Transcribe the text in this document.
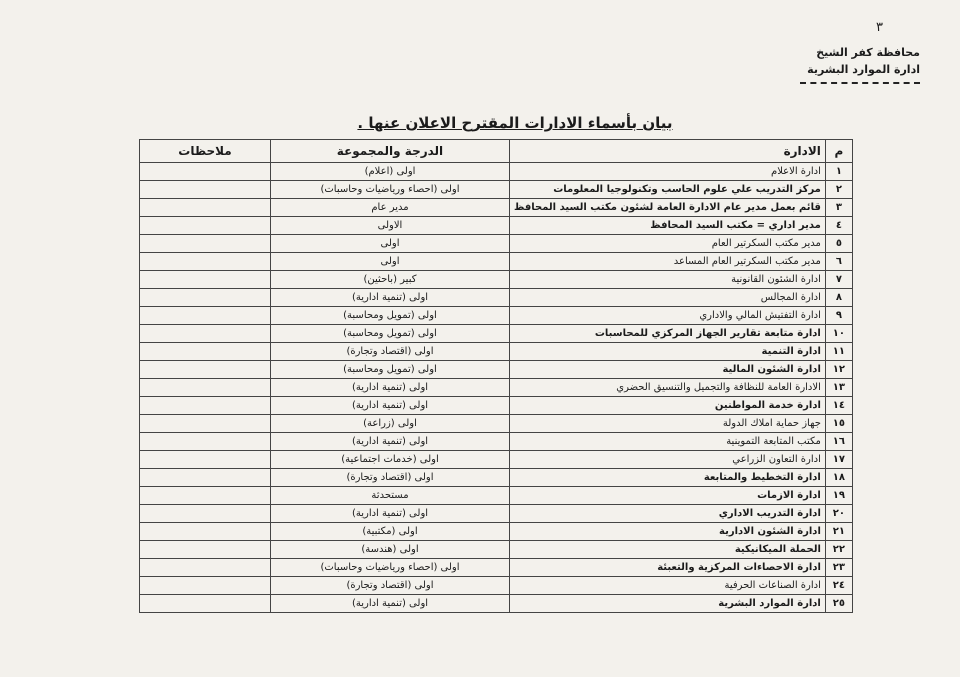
٣
محافظة كفر الشيخ
ادارة الموارد البشرية
بيان بأسماء الادارات المقترح الاعلان عنها .
م	الادارة	الدرجة والمجموعة	ملاحظات
١	ادارة الاعلام	اولى (اعلام)	
٢	مركز التدريب علي علوم الحاسب وتكنولوجيا المعلومات	اولى (احصاء ورياضيات وحاسبات)	
٣	قائم بعمل مدير عام الادارة العامة لشئون مكتب السيد المحافظ	مدير عام	
٤	مدير اداري = مكتب السيد المحافظ	الاولى	
٥	مدير مكتب السكرتير العام	اولى	
٦	مدير مكتب السكرتير العام المساعد	اولى	
٧	ادارة الشئون القانونية	كبير (باحثين)	
٨	ادارة المجالس	اولى (تنمية ادارية)	
٩	ادارة التفتيش المالي والاداري	اولى (تمويل ومحاسبة)	
١٠	ادارة متابعة تقارير الجهاز المركزي للمحاسبات	اولى (تمويل ومحاسبة)	
١١	ادارة التنمية	اولى (اقتصاد وتجارة)	
١٢	ادارة الشئون المالية	اولى (تمويل ومحاسبة)	
١٣	الادارة العامة للنظافة والتجميل والتنسيق الحضري	اولى (تنمية ادارية)	
١٤	ادارة خدمة المواطنين	اولى (تنمية ادارية)	
١٥	جهاز حماية املاك الدولة	اولى (زراعة)	
١٦	مكتب المتابعة التموينية	اولى (تنمية ادارية)	
١٧	ادارة التعاون الزراعي	اولى (خدمات اجتماعية)	
١٨	ادارة التخطيط والمتابعة	اولى (اقتصاد وتجارة)	
١٩	ادارة الازمات	مستحدثة	
٢٠	ادارة التدريب الاداري	اولى (تنمية ادارية)	
٢١	ادارة الشئون الادارية	اولى (مكتبية)	
٢٢	الحملة الميكانيكية	اولى (هندسة)	
٢٣	ادارة الاحصاءات المركزية والتعبئة	اولى (احصاء ورياضيات وحاسبات)	
٢٤	ادارة الصناعات الحرفية	اولى (اقتصاد وتجارة)	
٢٥	ادارة الموارد البشرية	اولى (تنمية ادارية)	
